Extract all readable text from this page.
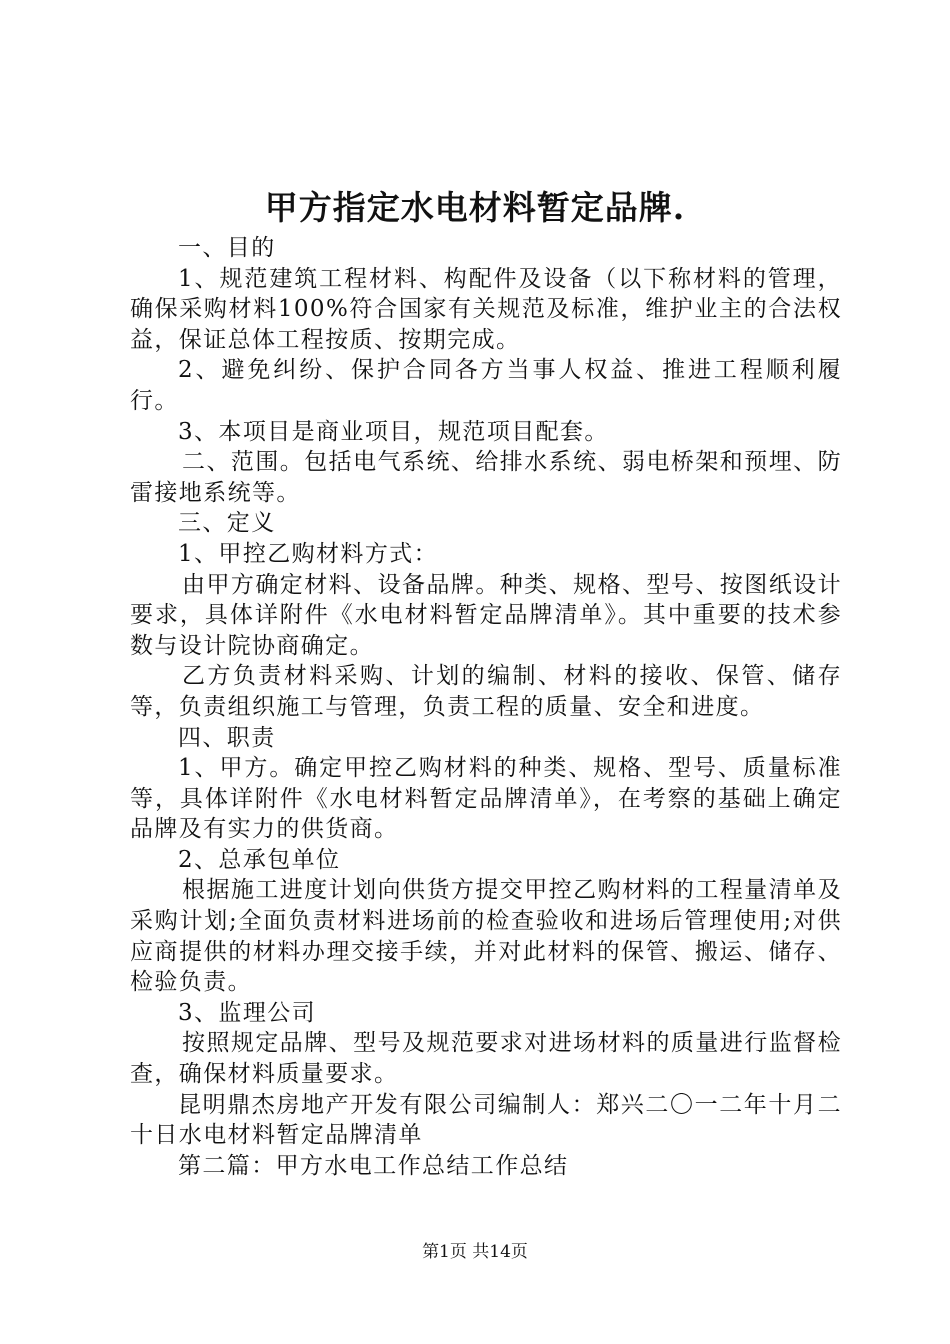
甲方指定水电材料暂定品牌.

一、目的

1、规范建筑工程材料、构配件及设备（以下称材料的管理，确保采购材料100%符合国家有关规范及标准，维护业主的合法权益，保证总体工程按质、按期完成。

2、避免纠纷、保护合同各方当事人权益、推进工程顺利履行。

3、本项目是商业项目，规范项目配套。

二、范围。包括电气系统、给排水系统、弱电桥架和预埋、防雷接地系统等。

三、定义

1、甲控乙购材料方式：

由甲方确定材料、设备品牌。种类、规格、型号、按图纸设计要求，具体详附件《水电材料暂定品牌清单》。其中重要的技术参数与设计院协商确定。

乙方负责材料采购、计划的编制、材料的接收、保管、储存等，负责组织施工与管理，负责工程的质量、安全和进度。

四、职责

1、甲方。确定甲控乙购材料的种类、规格、型号、质量标准等，具体详附件《水电材料暂定品牌清单》，在考察的基础上确定品牌及有实力的供货商。

2、总承包单位

根据施工进度计划向供货方提交甲控乙购材料的工程量清单及采购计划;全面负责材料进场前的检查验收和进场后管理使用;对供应商提供的材料办理交接手续，并对此材料的保管、搬运、储存、检验负责。

3、监理公司

按照规定品牌、型号及规范要求对进场材料的质量进行监督检查，确保材料质量要求。

昆明鼎杰房地产开发有限公司编制人：郑兴二〇一二年十月二十日水电材料暂定品牌清单

第二篇：甲方水电工作总结工作总结

第1页 共14页
